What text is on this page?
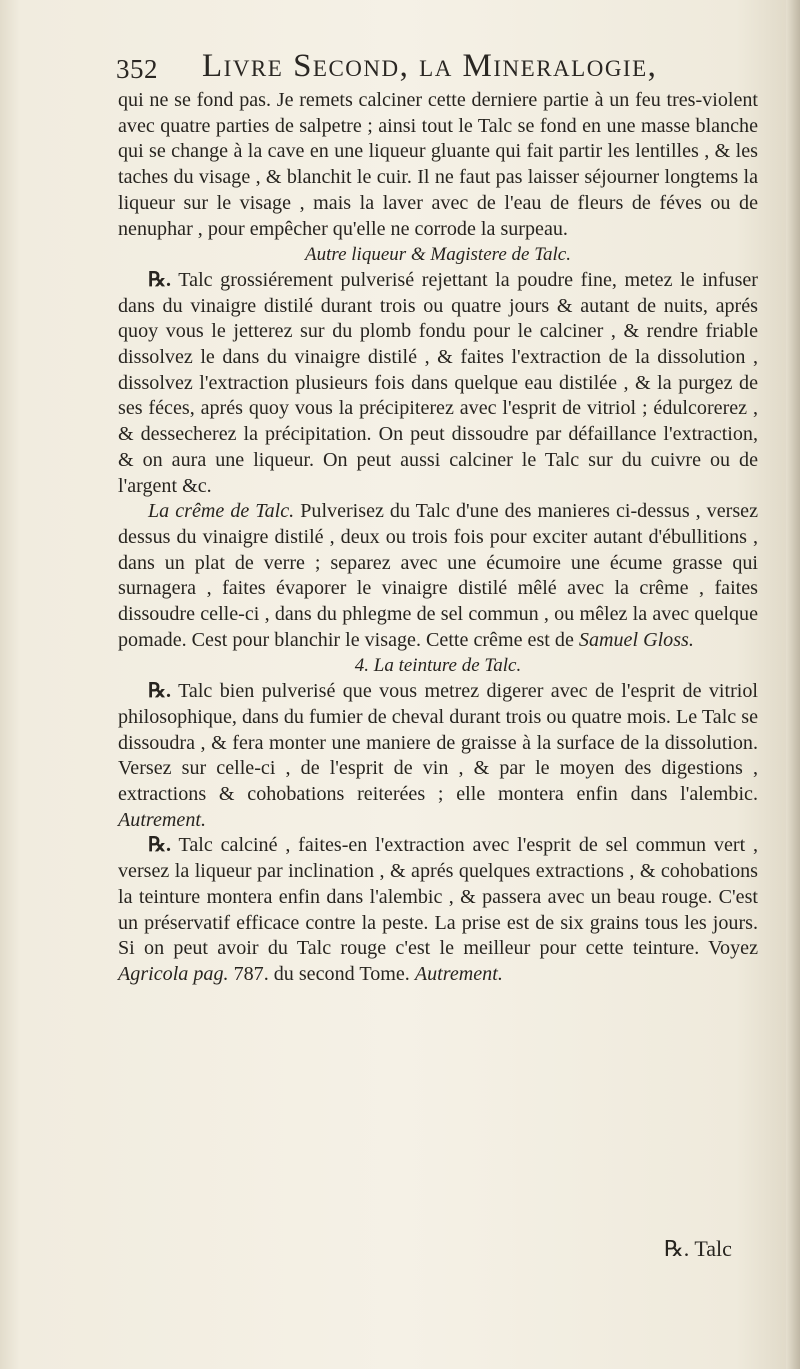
352 Livre Second, la Mineralogie,

qui ne se fond pas. Je remets calciner cette derniere partie à un feu tres-violent avec quatre parties de salpetre ; ainsi tout le Talc se fond en une masse blanche qui se change à la cave en une liqueur gluante qui fait partir les lentilles , & les taches du visage , & blanchit le cuir. Il ne faut pas laisser séjourner longtems la liqueur sur le visage , mais la laver avec de l'eau de fleurs de féves ou de nenuphar , pour empêcher qu'elle ne corrode la surpeau.

Autre liqueur & Magistere de Talc.

℞. Talc grossiérement pulverisé rejettant la poudre fine, metez le infuser dans du vinaigre distilé durant trois ou quatre jours & autant de nuits, aprés quoy vous le jetterez sur du plomb fondu pour le calciner , & rendre friable dissolvez le dans du vinaigre distilé , & faites l'extraction de la dissolution , dissolvez l'extraction plusieurs fois dans quelque eau distilée , & la purgez de ses féces, aprés quoy vous la précipiterez avec l'esprit de vitriol ; édulcorerez , & dessecherez la précipitation. On peut dissoudre par défaillance l'extraction, & on aura une liqueur. On peut aussi calciner le Talc sur du cuivre ou de l'argent &c.

La crême de Talc. Pulverisez du Talc d'une des manieres ci-dessus , versez dessus du vinaigre distilé , deux ou trois fois pour exciter autant d'ébullitions , dans un plat de verre ; separez avec une écumoire une écume grasse qui surnagera , faites évaporer le vinaigre distilé mêlé avec la crême , faites dissoudre celle-ci , dans du phlegme de sel commun , ou mêlez la avec quelque pomade. Cest pour blanchir le visage. Cette crême est de Samuel Gloss.

4. La teinture de Talc.

℞. Talc bien pulverisé que vous metrez digerer avec de l'esprit de vitriol philosophique, dans du fumier de cheval durant trois ou quatre mois. Le Talc se dissoudra , & fera monter une maniere de graisse à la surface de la dissolution. Versez sur celle-ci , de l'esprit de vin , & par le moyen des digestions , extractions & cohobations reiterées ; elle montera enfin dans l'alembic. Autrement.

℞. Talc calciné , faites-en l'extraction avec l'esprit de sel commun vert , versez la liqueur par inclination , & aprés quelques extractions , & cohobations la teinture montera enfin dans l'alembic , & passera avec un beau rouge. C'est un préservatif efficace contre la peste. La prise est de six grains tous les jours. Si on peut avoir du Talc rouge c'est le meilleur pour cette teinture. Voyez Agricola pag. 787. du second Tome. Autrement.

℞. Talc
